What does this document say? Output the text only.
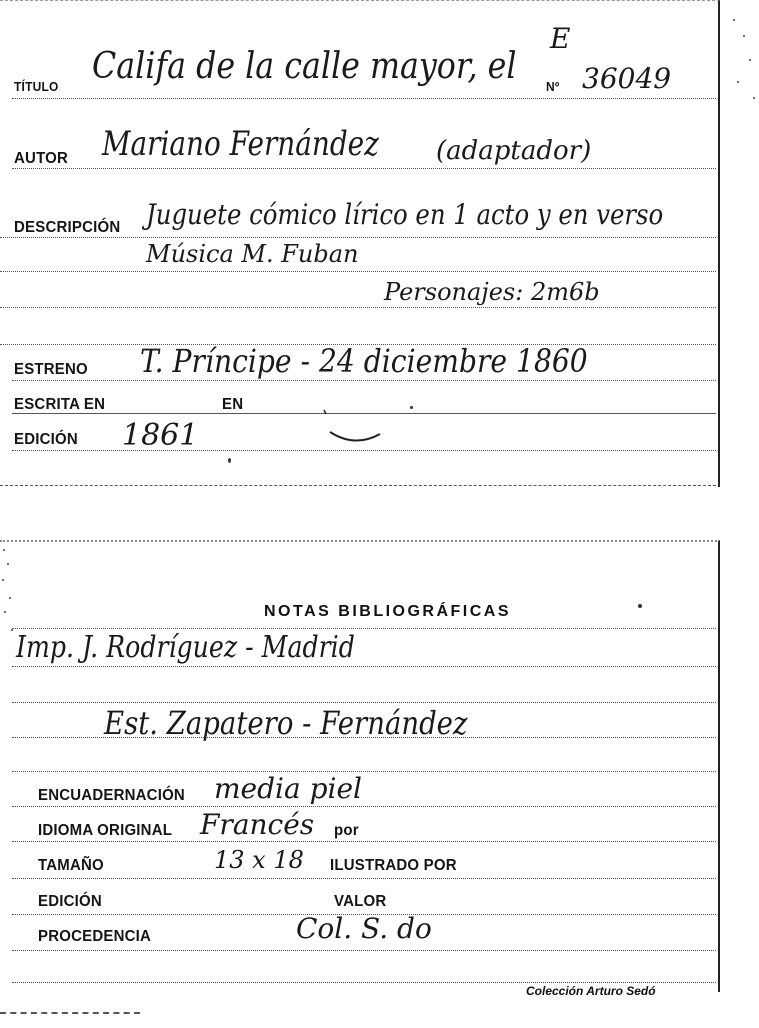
TÍTULO Califa de la calle mayor, el Nº 36049
E
AUTOR Mariano Fernández (adaptador)
DESCRIPCIÓN Juguete cómico lírico en 1 acto y en verso
Música M. Fuban
Personajes: 2m6b
ESTRENO T. Príncipe - 24 diciembre 1860
ESCRITA EN	EN
EDICIÓN 1861
NOTAS BIBLIOGRÁFICAS
Imp. J. Rodríguez - Madrid
Est. Zapatero - Fernández
ENCUADERNACIÓN media piel
IDIOMA ORIGINAL Francés por
TAMAÑO	13 x 18 ILUSTRADO POR
EDICIÓN	VALOR
PROCEDENCIA	Col. S. do
Colección Arturo Sedó
